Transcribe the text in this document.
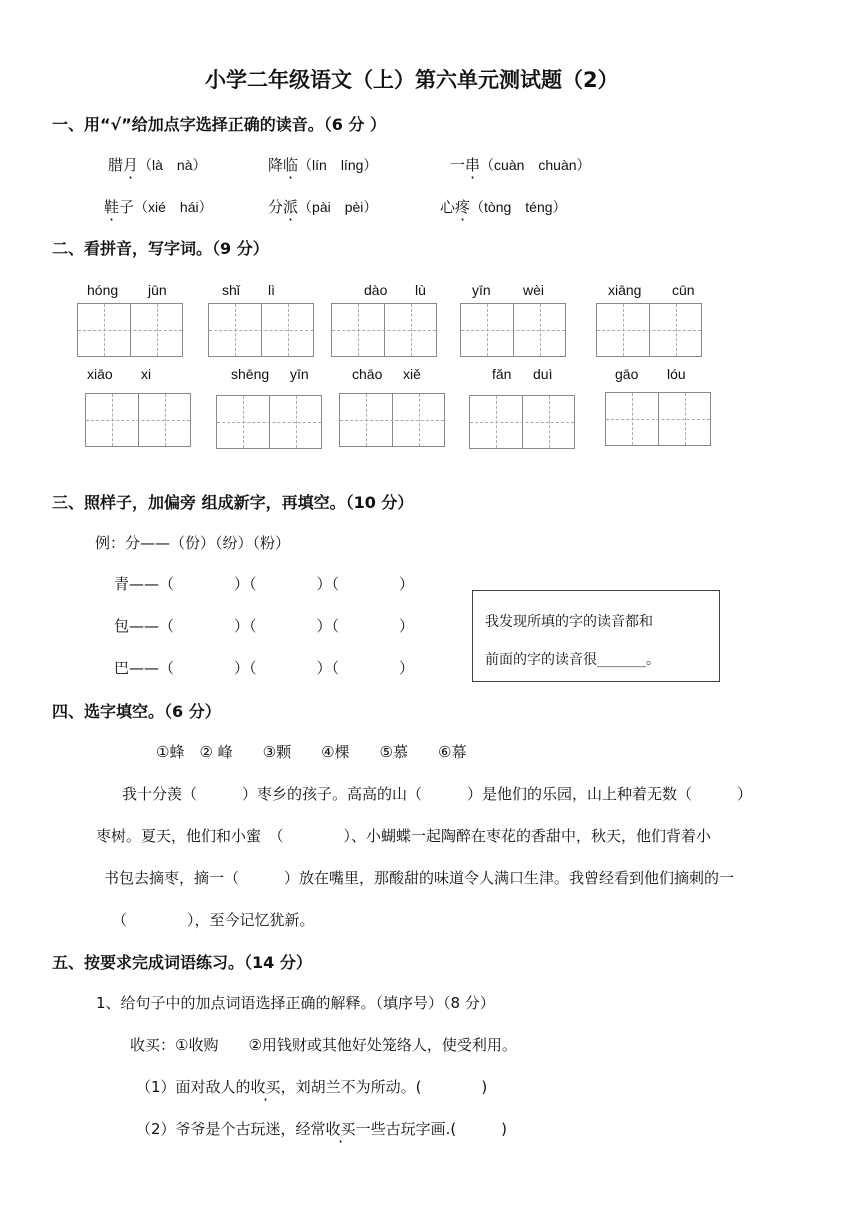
小学二年级语文（上）第六单元测试题（2）
一、用“√”给加点字选择正确的读音。（6 分 ）
腊月（là　nà）	降临（lín　líng）	一串（cuàn　chuàn）
鞋子（xié　hái）	分派（pài　pèi）	心疼（tòng　téng）
二、看拼音，写字词。（9 分）
hóng jūn	shǐ lì	dào lù	yīn wèi	xiāng cūn
xiāo xi	shēng yīn	chāo xiě	fǎn duì	gāo lóu
三、照样子，加偏旁 组成新字，再填空。（10 分）
例：分——（份）（纷）（粉）
青——（　　　　）（　　　　）（　　　　）
包——（　　　　）（　　　　）（　　　　）
巴——（　　　　）（　　　　）（　　　　）
我发现所填的字的读音都和
前面的字的读音很_______。
四、选字填空。（6 分）
①蜂　② 峰　　③颗　　④棵　　⑤慕　　⑥幕
我十分羡（　　　）枣乡的孩子。高高的山（　　　）是他们的乐园，山上种着无数（　　　）
枣树。夏天，他们和小蜜　（　　　　）、小蝴蝶一起陶醉在枣花的香甜中，秋天，他们背着小
书包去摘枣，摘一（　　　）放在嘴里，那酸甜的味道令人满口生津。我曾经看到他们摘刺的一
（　　　　），至今记忆犹新。
五、按要求完成词语练习。（14 分）
1、给句子中的加点词语选择正确的解释。（填序号）（8 分）
收买：①收购　　②用钱财或其他好处笼络人，使受利用。
（1）面对敌人的收买，刘胡兰不为所动。(　　　　)
（2）爷爷是个古玩迷，经常收买一些古玩字画.(　　　)
